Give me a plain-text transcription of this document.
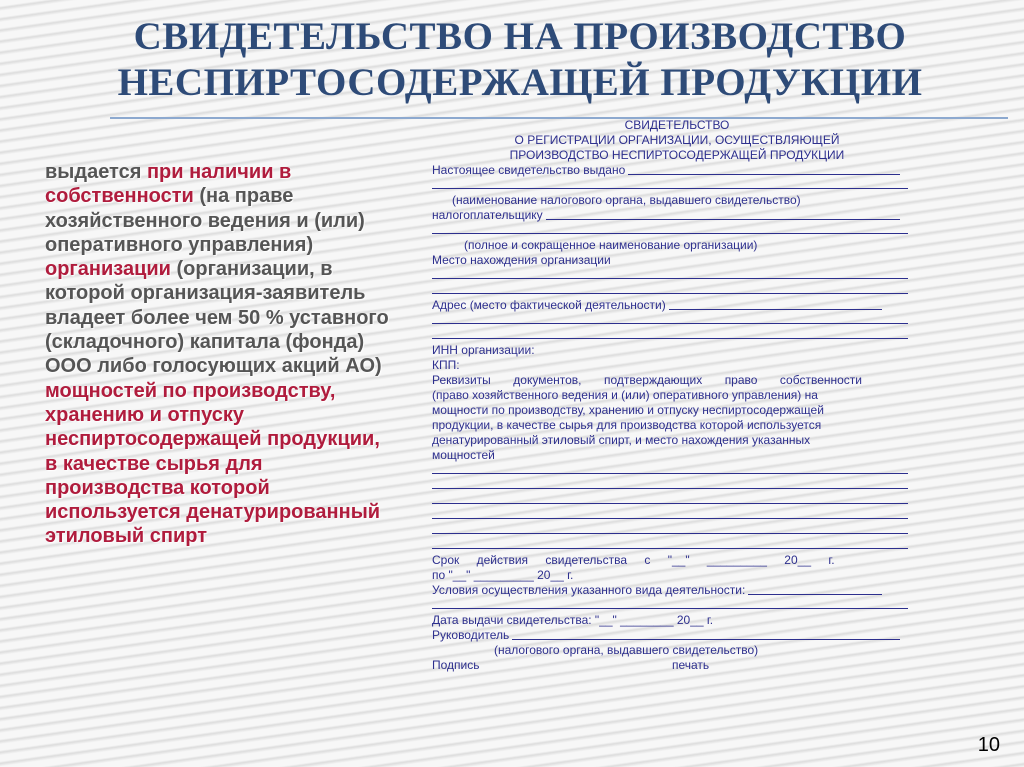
СВИДЕТЕЛЬСТВО НА ПРОИЗВОДСТВО
НЕСПИРТОСОДЕРЖАЩЕЙ ПРОДУКЦИИ
выдается при наличии в собственности (на праве хозяйственного ведения и (или) оперативного управления) организации (организации, в которой организация-заявитель владеет более чем 50 % уставного (складочного) капитала (фонда) ООО либо голосующих акций АО) мощностей по производству, хранению и отпуску неспиртосодержащей продукции, в качестве сырья для производства которой используется денатурированный этиловый спирт
СВИДЕТЕЛЬСТВО
О РЕГИСТРАЦИИ ОРГАНИЗАЦИИ, ОСУЩЕСТВЛЯЮЩЕЙ
ПРОИЗВОДСТВО НЕСПИРТОСОДЕРЖАЩЕЙ ПРОДУКЦИИ
Настоящее свидетельство выдано
(наименование налогового органа, выдавшего свидетельство)
налогоплательщику
(полное и сокращенное наименование организации)
Место нахождения организации
Адрес (место фактической деятельности)
ИНН организации:
КПП:
Реквизиты документов, подтверждающих право собственности
(право хозяйственного ведения и (или) оперативного управления) на
мощности по производству, хранению и отпуску неспиртосодержащей
продукции, в качестве сырья для производства которой используется
денатурированный этиловый спирт, и место нахождения указанных
мощностей
Срок действия свидетельства с "__" _________ 20__ г.
по "__" _________ 20__ г.
Условия осуществления указанного вида деятельности:
Дата выдачи свидетельства: "__" ________ 20__ г.
Руководитель
(налогового органа, выдавшего свидетельство)
Подпись	печать
10
